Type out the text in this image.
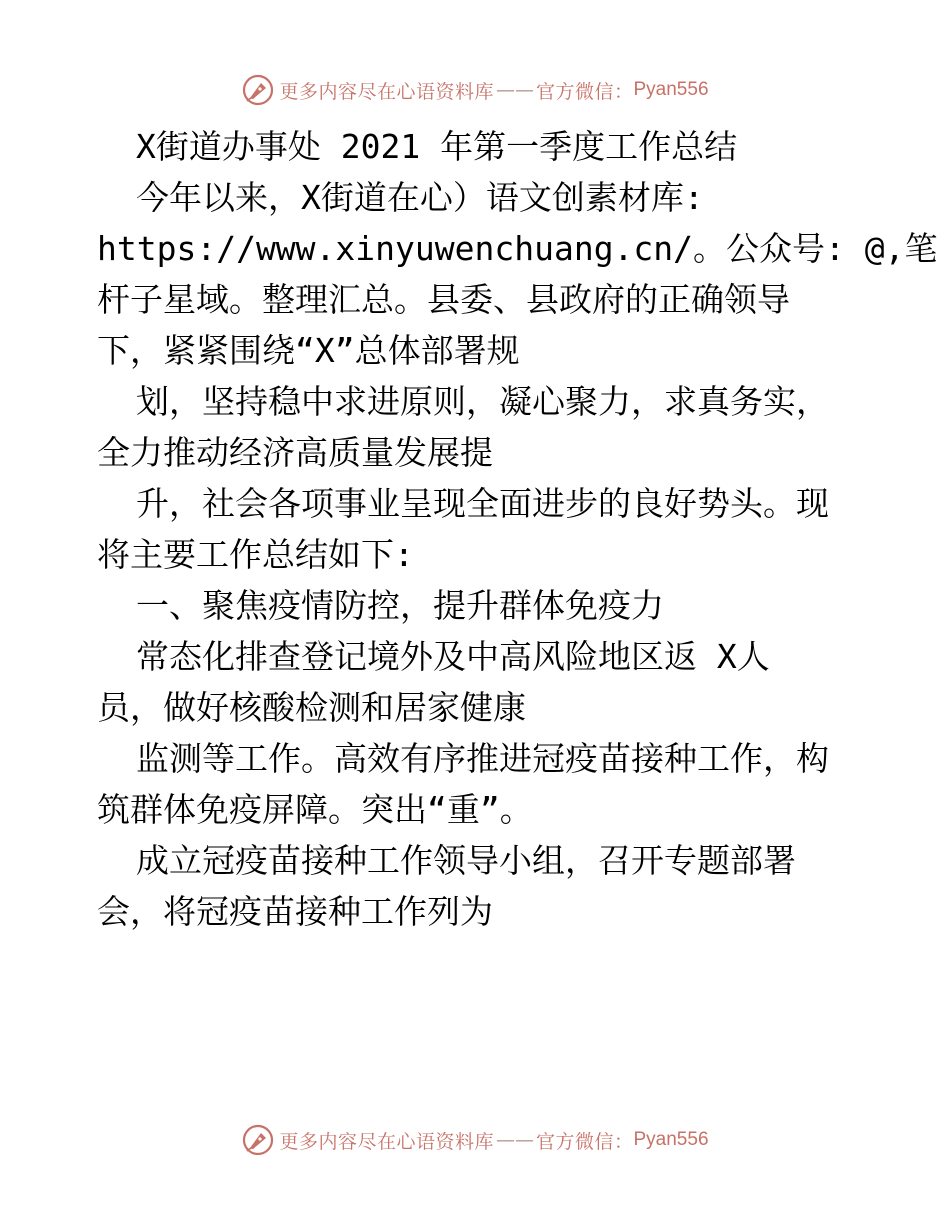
更多内容尽在心语资料库 —— 官方微信： Pyan556
X街道办事处 2021 年第一季度工作总结
今年以来，X街道在心）语文创素材库:
https://www.xinyuwenchuang.cn/。公众号: @,笔
杆子星域。整理汇总。县委、县政府的正确领导
下，紧紧围绕“X”总体部署规
划，坚持稳中求进原则，凝心聚力，求真务实，
全力推动经济高质量发展提
升，社会各项事业呈现全面进步的良好势头。现
将主要工作总结如下:
一、聚焦疫情防控，提升群体免疫力
常态化排查登记境外及中高风险地区返 X人
员，做好核酸检测和居家健康
监测等工作。高效有序推进冠疫苗接种工作，构
筑群体免疫屏障。突出“重”。
成立冠疫苗接种工作领导小组，召开专题部署
会，将冠疫苗接种工作列为
更多内容尽在心语资料库 —— 官方微信： Pyan556
